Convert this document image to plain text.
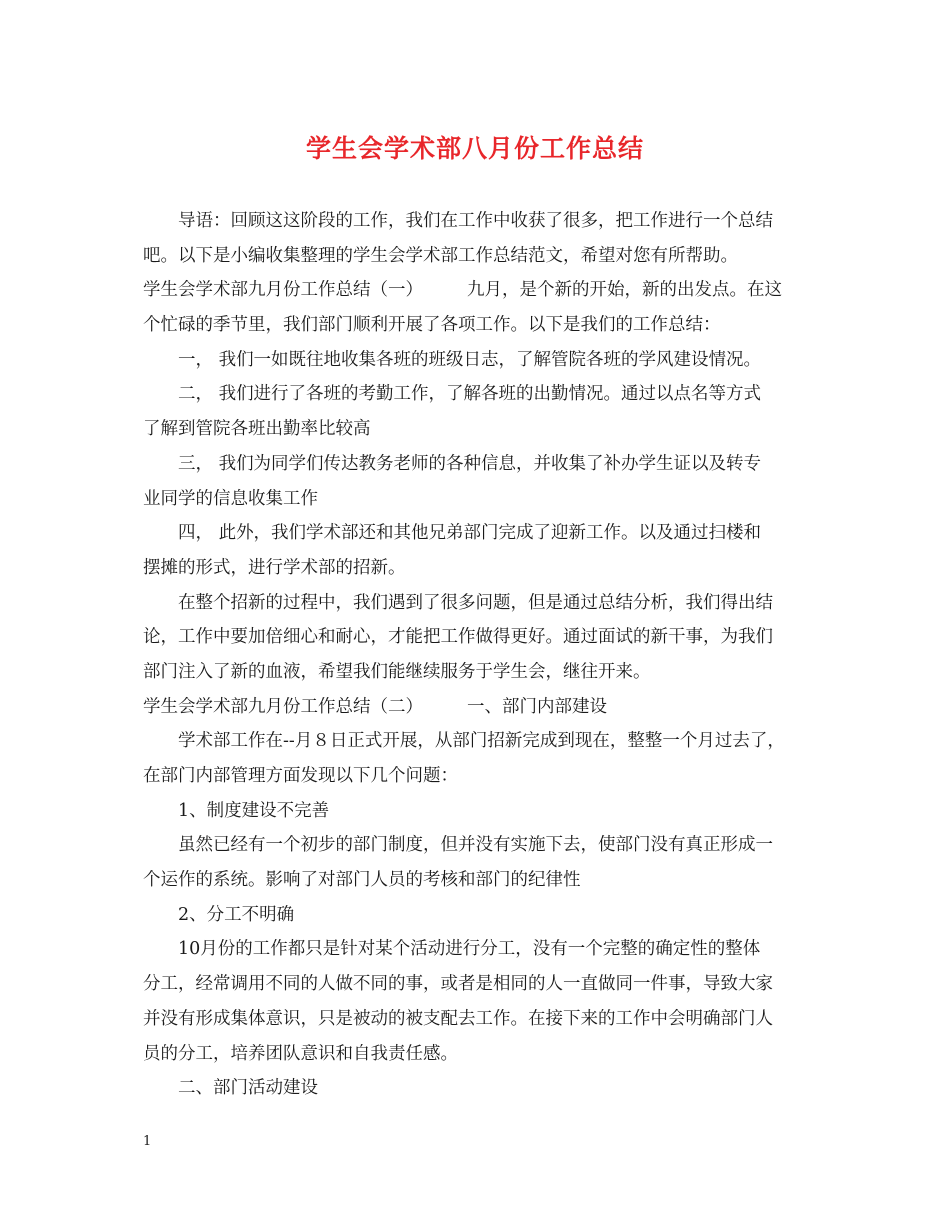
学生会学术部八月份工作总结
导语：回顾这这阶段的工作，我们在工作中收获了很多，把工作进行一个总结
吧。以下是小编收集整理的学生会学术部工作总结范文，希望对您有所帮助。
学生会学术部九月份工作总结（一）	九月，是个新的开始，新的出发点。在这
个忙碌的季节里，我们部门顺利开展了各项工作。以下是我们的工作总结：
一， 我们一如既往地收集各班的班级日志，了解管院各班的学风建设情况。
二， 我们进行了各班的考勤工作，了解各班的出勤情况。通过以点名等方式
了解到管院各班出勤率比较高
三， 我们为同学们传达教务老师的各种信息，并收集了补办学生证以及转专
业同学的信息收集工作
四， 此外，我们学术部还和其他兄弟部门完成了迎新工作。以及通过扫楼和
摆摊的形式，进行学术部的招新。
在整个招新的过程中，我们遇到了很多问题，但是通过总结分析，我们得出结
论，工作中要加倍细心和耐心，才能把工作做得更好。通过面试的新干事，为我们
部门注入了新的血液，希望我们能继续服务于学生会，继往开来。
学生会学术部九月份工作总结（二）	一、部门内部建设
学术部工作在--月８日正式开展，从部门招新完成到现在，整整一个月过去了，
在部门内部管理方面发现以下几个问题：
1、制度建设不完善
虽然已经有一个初步的部门制度，但并没有实施下去，使部门没有真正形成一
个运作的系统。影响了对部门人员的考核和部门的纪律性
2、分工不明确
10月份的工作都只是针对某个活动进行分工，没有一个完整的确定性的整体
分工，经常调用不同的人做不同的事，或者是相同的人一直做同一件事，导致大家
并没有形成集体意识，只是被动的被支配去工作。在接下来的工作中会明确部门人
员的分工，培养团队意识和自我责任感。
二、部门活动建设
1
